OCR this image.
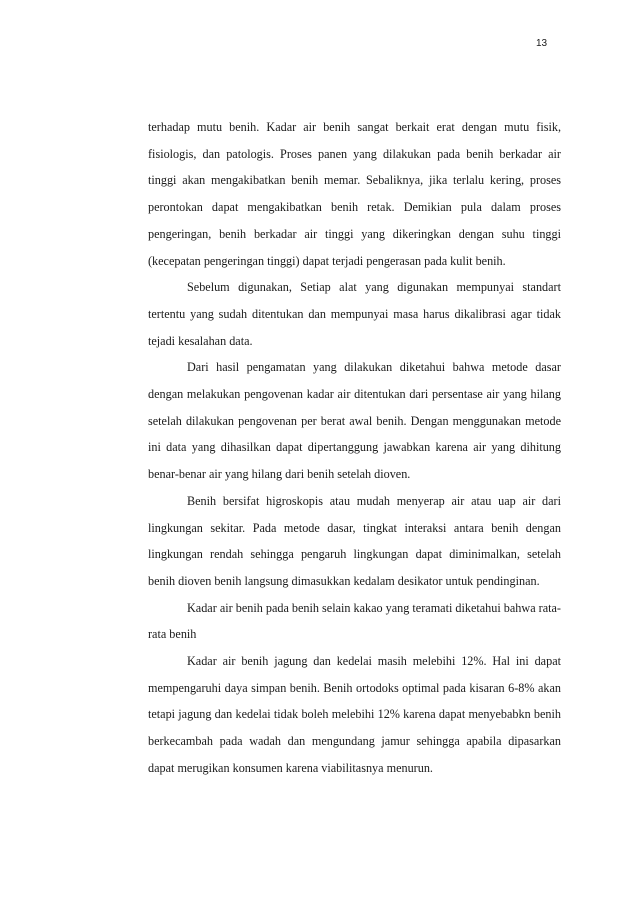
13

terhadap mutu benih. Kadar air benih sangat berkait erat dengan mutu fisik, fisiologis, dan patologis. Proses panen yang dilakukan pada benih berkadar air tinggi akan mengakibatkan benih memar. Sebaliknya, jika terlalu kering, proses perontokan dapat mengakibatkan benih retak. Demikian pula dalam proses pengeringan, benih berkadar air tinggi yang dikeringkan dengan suhu tinggi (kecepatan pengeringan tinggi) dapat terjadi pengerasan pada kulit benih.

Sebelum digunakan, Setiap alat yang digunakan mempunyai standart tertentu yang sudah ditentukan dan mempunyai masa harus dikalibrasi agar tidak tejadi kesalahan data.

Dari hasil pengamatan yang dilakukan diketahui bahwa metode dasar dengan melakukan pengovenan kadar air ditentukan dari persentase air yang hilang setelah dilakukan pengovenan per berat awal benih. Dengan menggunakan metode ini data yang dihasilkan dapat dipertanggung jawabkan karena air yang dihitung benar-benar air yang hilang dari benih setelah dioven.

Benih bersifat higroskopis atau mudah menyerap air atau uap air dari lingkungan sekitar. Pada metode dasar, tingkat interaksi antara benih dengan lingkungan rendah sehingga pengaruh lingkungan dapat diminimalkan, setelah benih dioven benih langsung dimasukkan kedalam desikator untuk pendinginan.

Kadar air benih pada benih selain kakao yang teramati diketahui bahwa rata-rata benih

Kadar air benih jagung dan kedelai masih melebihi 12%. Hal ini dapat mempengaruhi daya simpan benih. Benih ortodoks optimal pada kisaran 6-8% akan tetapi jagung dan kedelai tidak boleh melebihi 12% karena dapat menyebabkn benih berkecambah pada wadah dan mengundang jamur sehingga apabila dipasarkan dapat merugikan konsumen karena viabilitasnya menurun.
